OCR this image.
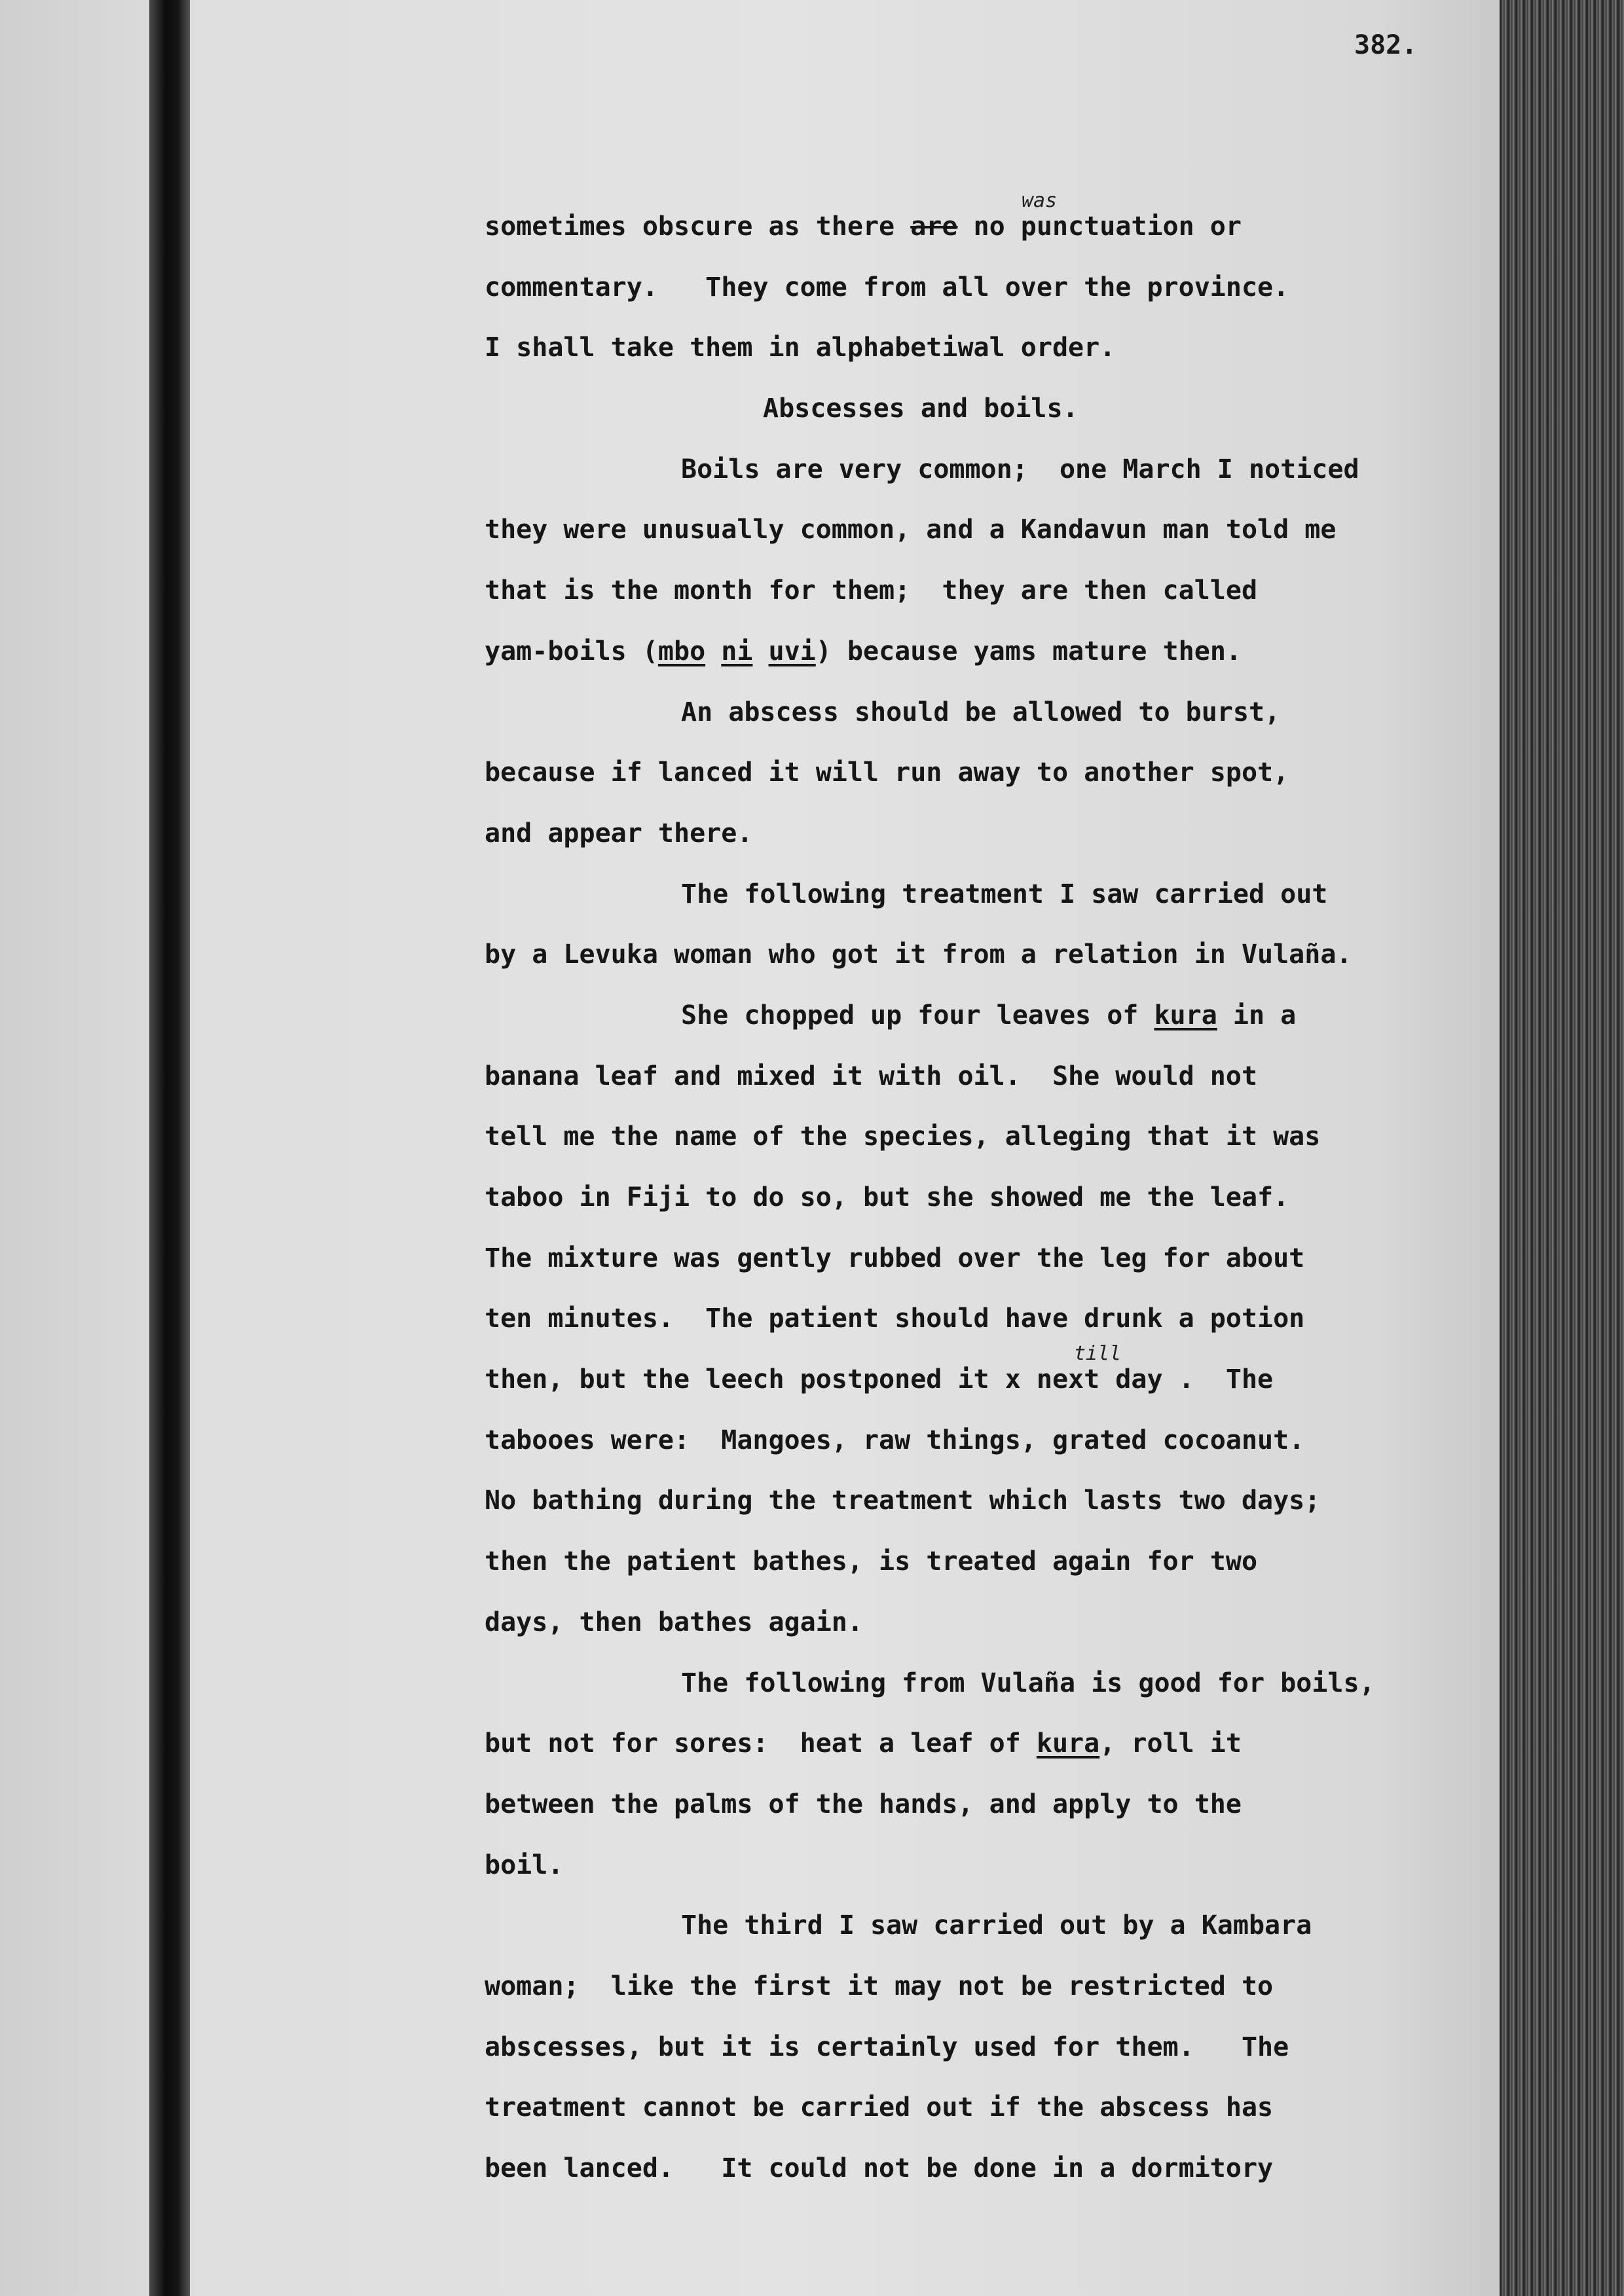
382.
sometimes obscure as there are no punctuation or
was
commentary.   They come from all over the province.
I shall take them in alphabetiwal order.
Abscesses and boils.
Boils are very common;  one March I noticed
they were unusually common, and a Kandavun man told me
that is the month for them;  they are then called
yam-boils (mbo ni uvi) because yams mature then.
An abscess should be allowed to burst,
because if lanced it will run away to another spot,
and appear there.
The following treatment I saw carried out
by a Levuka woman who got it from a relation in Vulaña.
She chopped up four leaves of kura in a
banana leaf and mixed it with oil.  She would not
tell me the name of the species, alleging that it was
taboo in Fiji to do so, but she showed me the leaf.
The mixture was gently rubbed over the leg for about
ten minutes.  The patient should have drunk a potion
then, but the leech postponed it x next day .  The
till
tabooes were:  Mangoes, raw things, grated cocoanut.
No bathing during the treatment which lasts two days;
then the patient bathes, is treated again for two
days, then bathes again.
The following from Vulaña is good for boils,
but not for sores:  heat a leaf of kura, roll it
between the palms of the hands, and apply to the
boil.
The third I saw carried out by a Kambara
woman;  like the first it may not be restricted to
abscesses, but it is certainly used for them.   The
treatment cannot be carried out if the abscess has
been lanced.   It could not be done in a dormitory
